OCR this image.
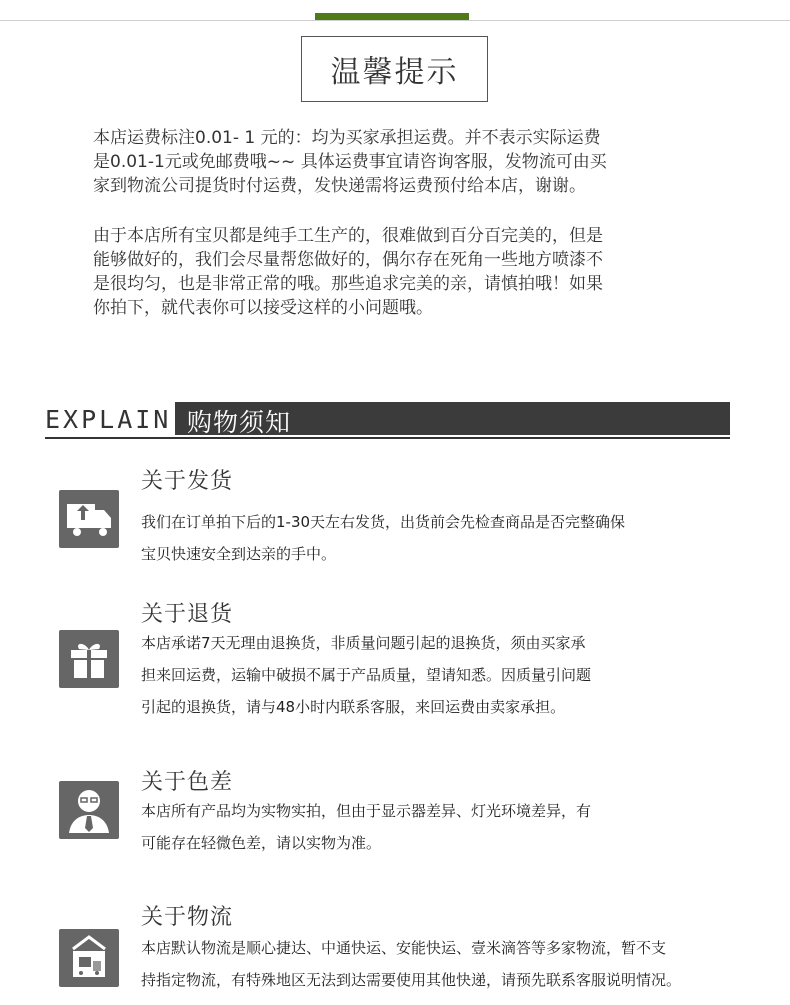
温馨提示

本店运费标注0.01- 1 元的：均为买家承担运费。并不表示实际运费
是0.01-1元或免邮费哦~~ 具体运费事宜请咨询客服，发物流可由买
家到物流公司提货时付运费，发快递需将运费预付给本店，谢谢。

由于本店所有宝贝都是纯手工生产的，很难做到百分百完美的，但是
能够做好的，我们会尽量帮您做好的，偶尔存在死角一些地方喷漆不
是很均匀，也是非常正常的哦。那些追求完美的亲，请慎拍哦！如果
你拍下，就代表你可以接受这样的小问题哦。

EXPLAIN 购物须知
关于发货

我们在订单拍下后的1-30天左右发货，出货前会先检查商品是否完整确保
宝贝快速安全到达亲的手中。

关于退货

本店承诺7天无理由退换货，非质量问题引起的退换货，须由买家承
担来回运费，运输中破损不属于产品质量，望请知悉。因质量引问题
引起的退换货，请与48小时内联系客服，来回运费由卖家承担。

关于色差

本店所有产品均为实物实拍，但由于显示器差异、灯光环境差异，有
可能存在轻微色差，请以实物为准。

关于物流

本店默认物流是顺心捷达、中通快运、安能快运、壹米滴答等多家物流，暂不支
持指定物流，有特殊地区无法到达需要使用其他快递，请预先联系客服说明情况。
